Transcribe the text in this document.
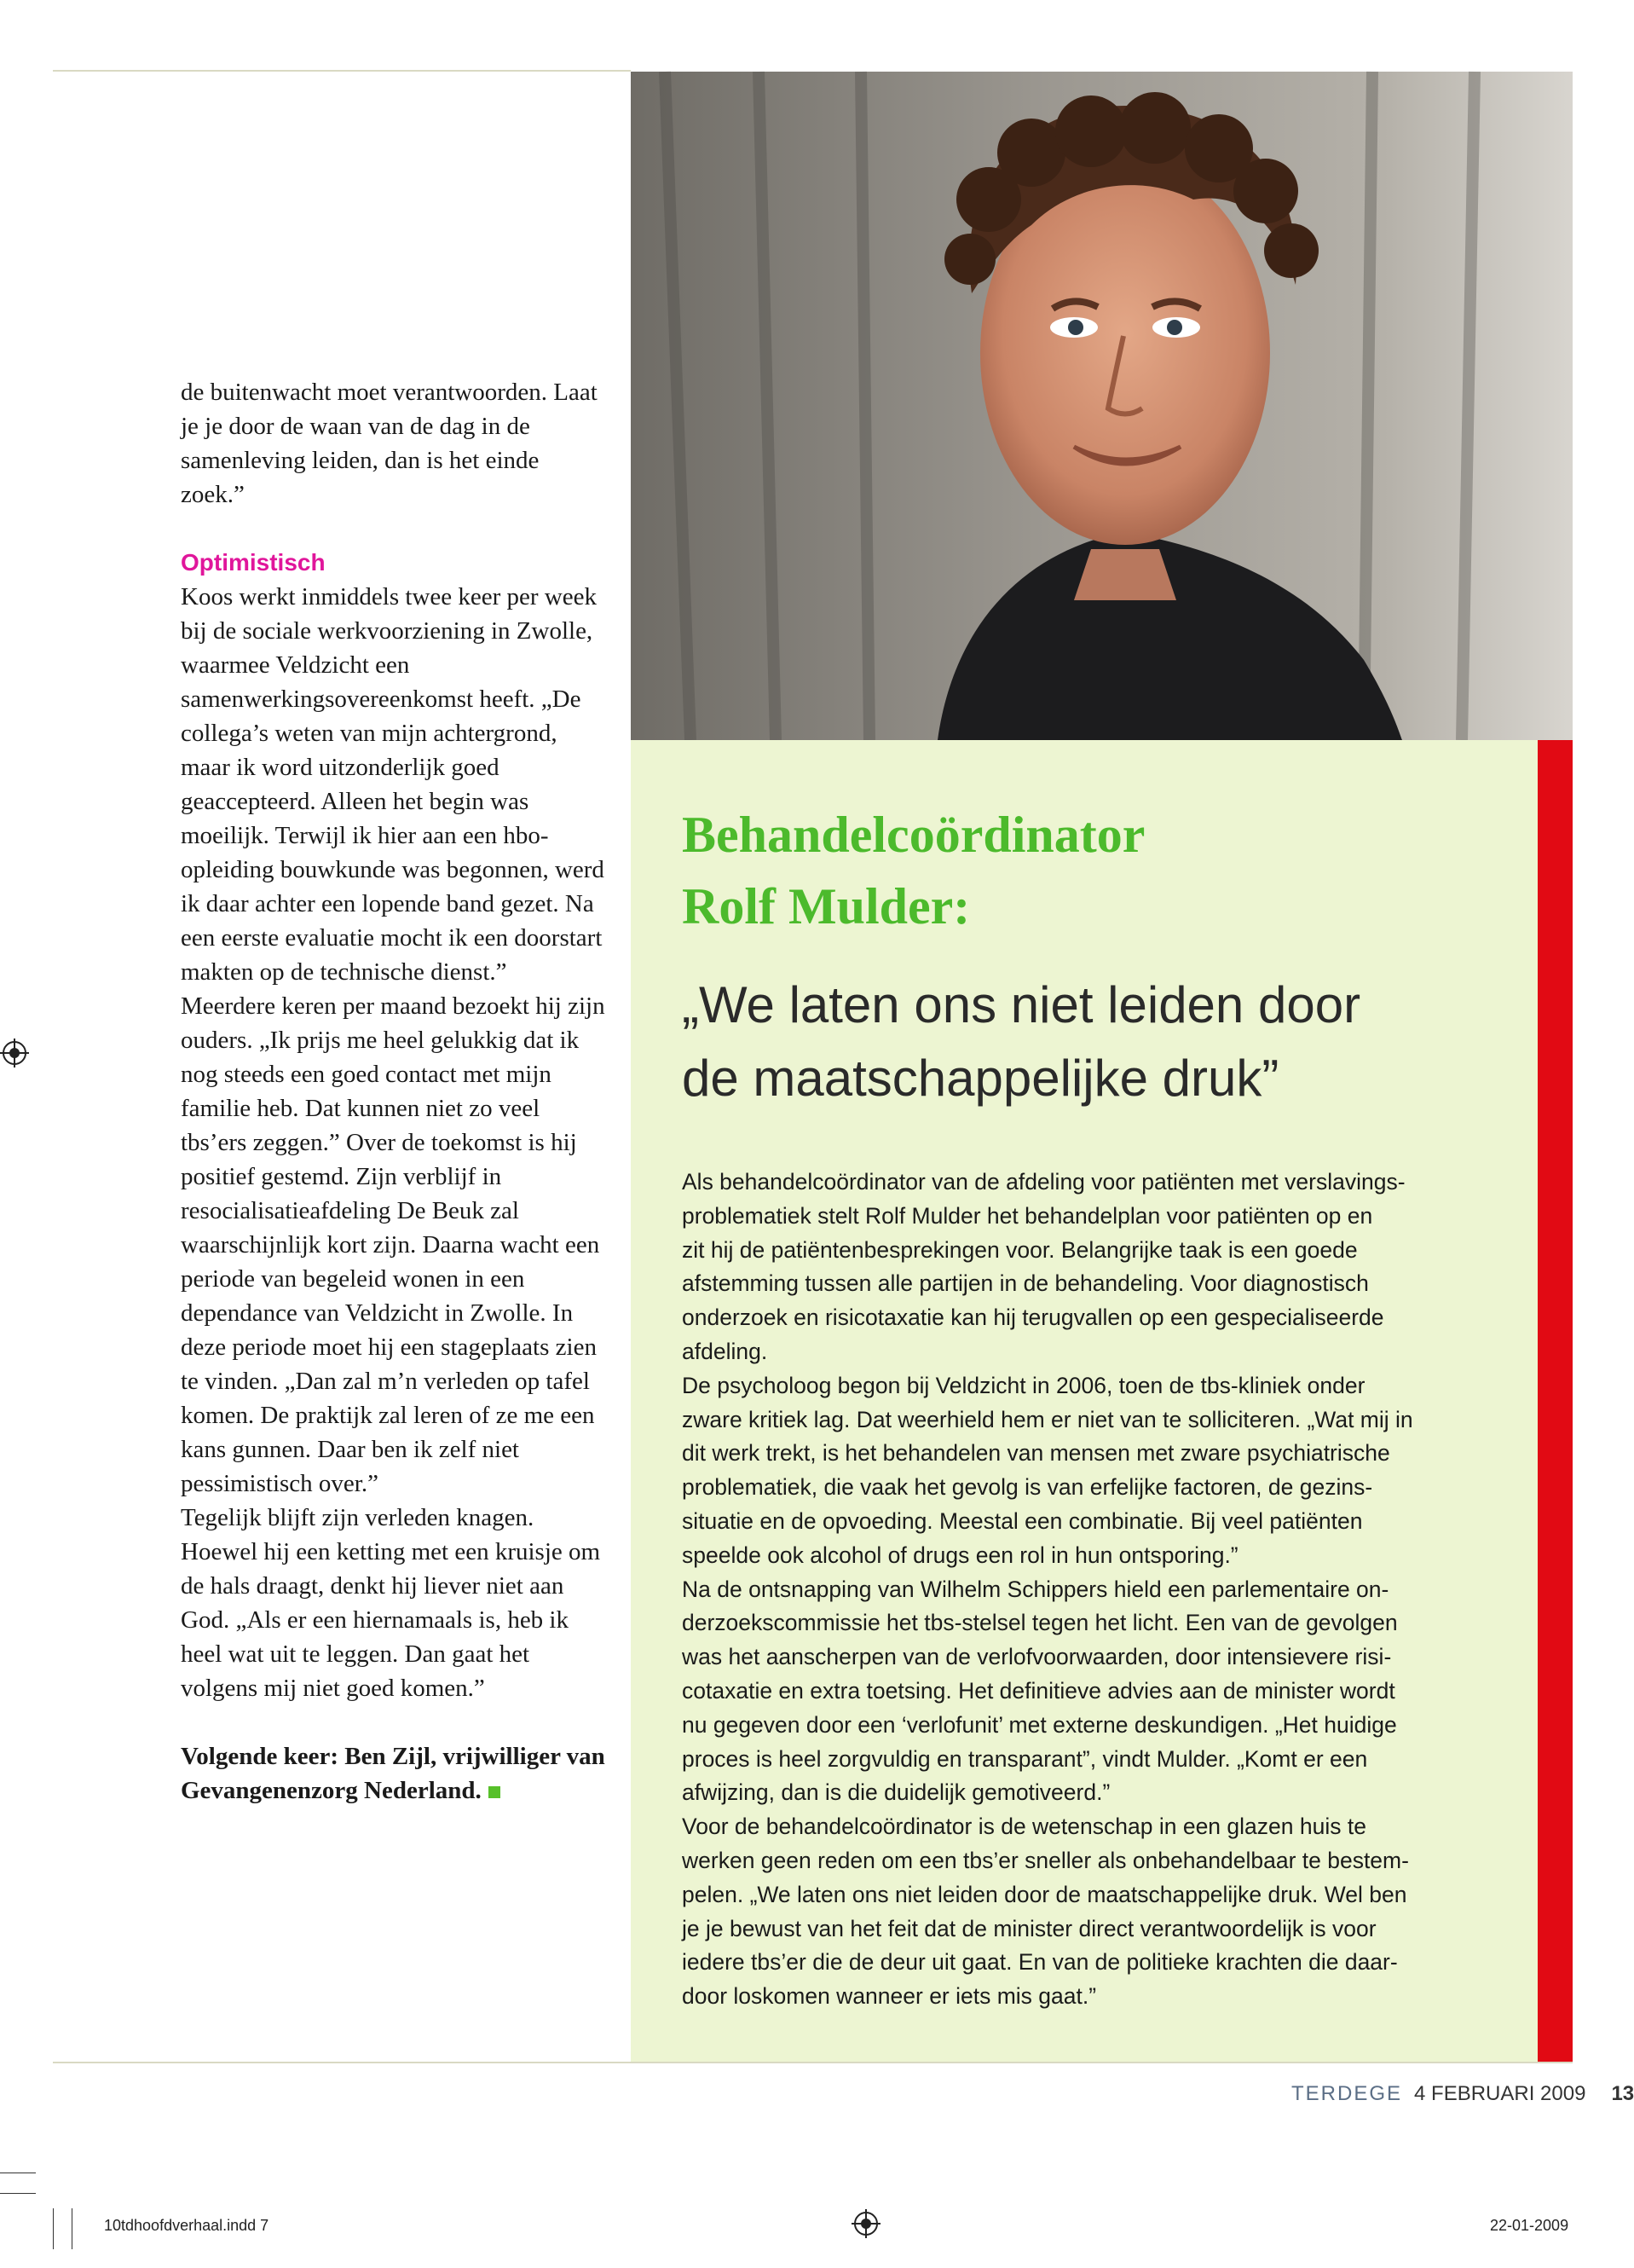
de buitenwacht moet verantwoorden. Laat je je door de waan van de dag in de samenleving leiden, dan is het einde zoek.”

Optimistisch

Koos werkt inmiddels twee keer per week bij de sociale werkvoorziening in Zwolle, waarmee Veldzicht een samenwerkingsovereenkomst heeft. „De collega’s weten van mijn achtergrond, maar ik word uitzonderlijk goed geaccepteerd. Alleen het begin was moeilijk. Terwijl ik hier aan een hbo-opleiding bouwkunde was begonnen, werd ik daar achter een lopende band gezet. Na een eerste evaluatie mocht ik een doorstart makten op de technische dienst.” Meerdere keren per maand bezoekt hij zijn ouders. „Ik prijs me heel gelukkig dat ik nog steeds een goed contact met mijn familie heb. Dat kunnen niet zo veel tbs’ers zeggen.” Over de toekomst is hij positief gestemd. Zijn verblijf in resocialisatieafdeling De Beuk zal waarschijnlijk kort zijn. Daarna wacht een periode van begeleid wonen in een dependance van Veldzicht in Zwolle. In deze periode moet hij een stageplaats zien te vinden. „Dan zal m’n verleden op tafel komen. De praktijk zal leren of ze me een kans gunnen. Daar ben ik zelf niet pessimistisch over.”

Tegelijk blijft zijn verleden knagen. Hoewel hij een ketting met een kruisje om de hals draagt, denkt hij liever niet aan God. „Als er een hiernamaals is, heb ik heel wat uit te leggen. Dan gaat het volgens mij niet goed komen.”

Volgende keer: Ben Zijl, vrijwilliger van Gevangenenzorg Nederland.

Behandelcoördinator
Rolf Mulder:
„We laten ons niet leiden door
de maatschappelijke druk”
Als behandelcoördinator van de afdeling voor patiënten met verslavings-
problematiek stelt Rolf Mulder het behandelplan voor patiënten op en
zit hij de patiëntenbesprekingen voor. Belangrijke taak is een goede
afstemming tussen alle partijen in de behandeling. Voor diagnostisch
onderzoek en risicotaxatie kan hij terugvallen op een gespecialiseerde
afdeling.
De psycholoog begon bij Veldzicht in 2006, toen de tbs-kliniek onder
zware kritiek lag. Dat weerhield hem er niet van te solliciteren. „Wat mij in
dit werk trekt, is het behandelen van mensen met zware psychiatrische
problematiek, die vaak het gevolg is van erfelijke factoren, de gezins-
situatie en de opvoeding. Meestal een combinatie. Bij veel patiënten
speelde ook alcohol of drugs een rol in hun ontsporing.”
Na de ontsnapping van Wilhelm Schippers hield een parlementaire on-
derzoekscommissie het tbs-stelsel tegen het licht. Een van de gevolgen
was het aanscherpen van de verlofvoorwaarden, door intensievere risi-
cotaxatie en extra toetsing. Het definitieve advies aan de minister wordt
nu gegeven door een ‘verlofunit’ met externe deskundigen. „Het huidige
proces is heel zorgvuldig en transparant”, vindt Mulder. „Komt er een
afwijzing, dan is die duidelijk gemotiveerd.”
Voor de behandelcoördinator is de wetenschap in een glazen huis te
werken geen reden om een tbs’er sneller als onbehandelbaar te bestem-
pelen. „We laten ons niet leiden door de maatschappelijke druk. Wel ben
je je bewust van het feit dat de minister direct verantwoordelijk is voor
iedere tbs’er die de deur uit gaat. En van de politieke krachten die daar-
door loskomen wanneer er iets mis gaat.”
TERDEGE 4 FEBRUARI 2009 13
10tdhoofdverhaal.indd 7	22-01-2009
